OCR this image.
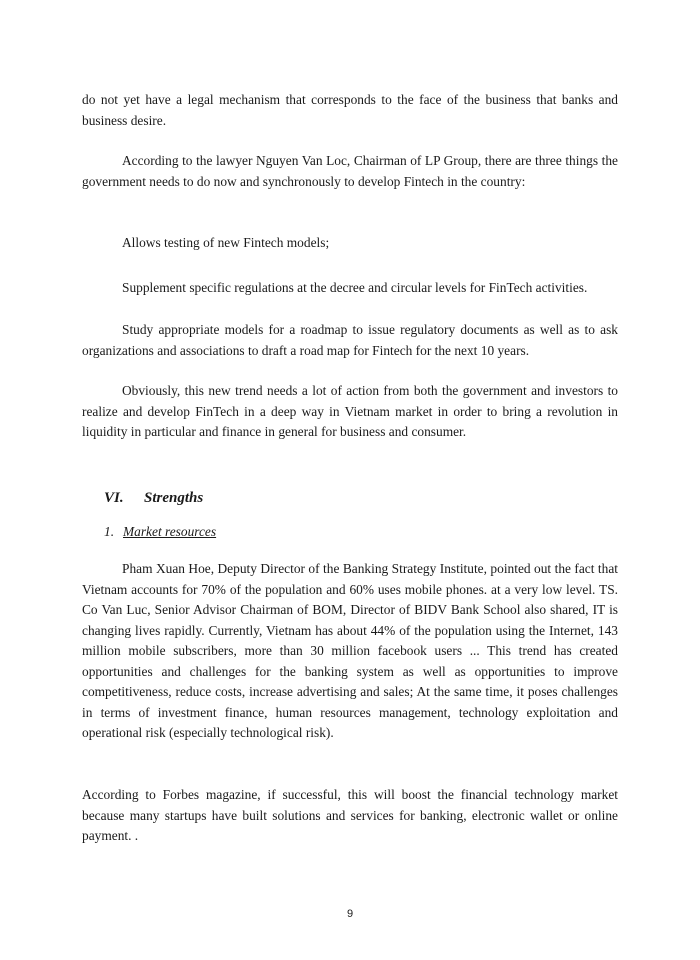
do not yet have a legal mechanism that corresponds to the face of the business that banks and business desire.

According to the lawyer Nguyen Van Loc, Chairman of LP Group, there are three things the government needs to do now and synchronously to develop Fintech in the country:

Allows testing of new Fintech models;

Supplement specific regulations at the decree and circular levels for FinTech activities.

Study appropriate models for a roadmap to issue regulatory documents as well as to ask organizations and associations to draft a road map for Fintech for the next 10 years.

Obviously, this new trend needs a lot of action from both the government and investors to realize and develop FinTech in a deep way in Vietnam market in order to bring a revolution in liquidity in particular and finance in general for business and consumer.

VI. Strengths
1. Market resources

Pham Xuan Hoe, Deputy Director of the Banking Strategy Institute, pointed out the fact that Vietnam accounts for 70% of the population and 60% uses mobile phones. at a very low level. TS. Co Van Luc, Senior Advisor Chairman of BOM, Director of BIDV Bank School also shared, IT is changing lives rapidly. Currently, Vietnam has about 44% of the population using the Internet, 143 million mobile subscribers, more than 30 million facebook users ... This trend has created opportunities and challenges for the banking system as well as opportunities to improve competitiveness, reduce costs, increase advertising and sales; At the same time, it poses challenges in terms of investment finance, human resources management, technology exploitation and operational risk (especially technological risk).

According to Forbes magazine, if successful, this will boost the financial technology market because many startups have built solutions and services for banking, electronic wallet or online payment. .

9
